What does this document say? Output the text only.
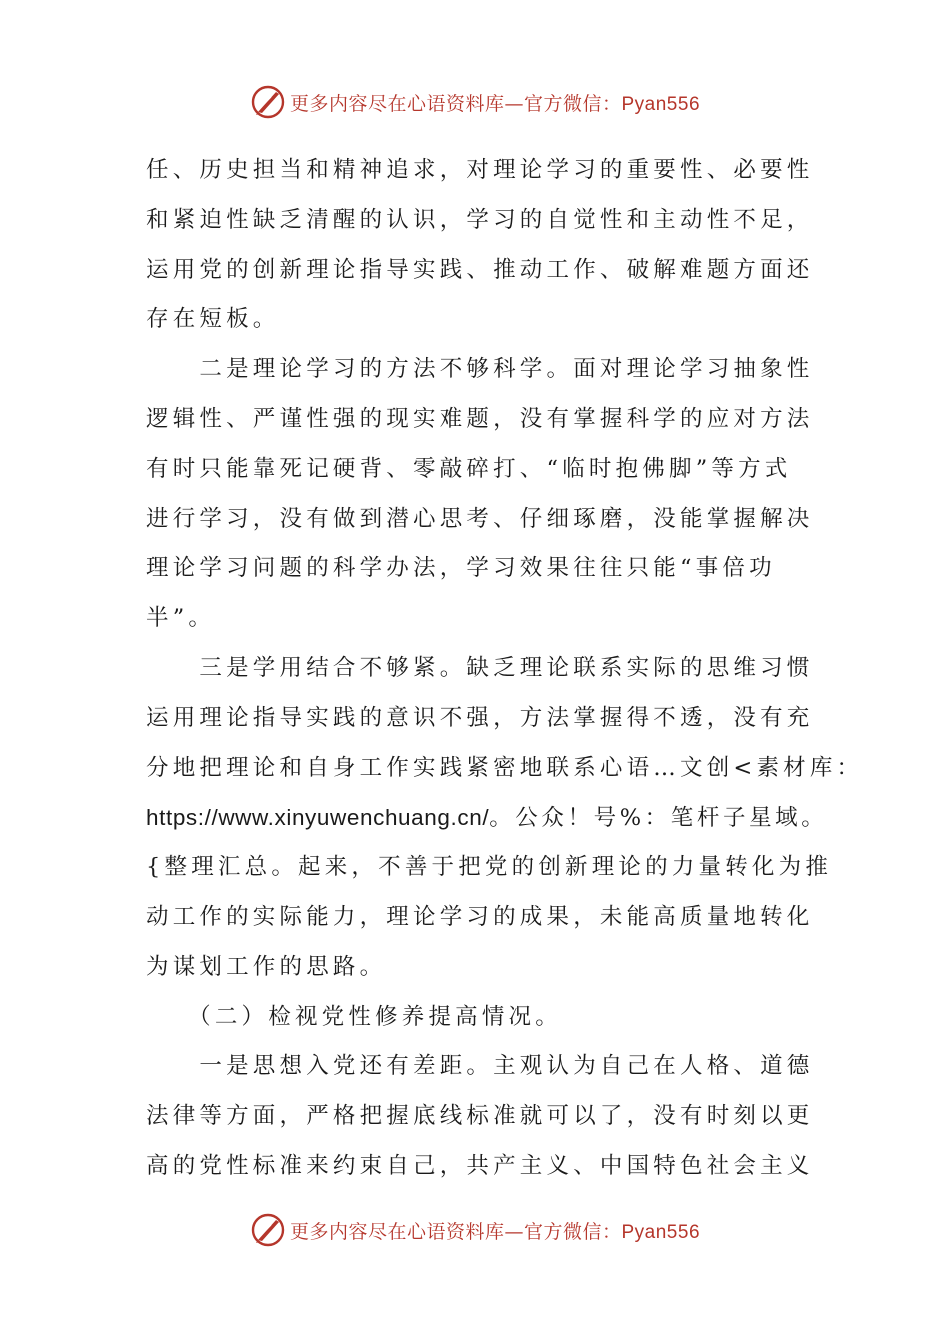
更多内容尽在心语资料库—官方微信：Pyan556
任、历史担当和精神追求，对理论学习的重要性、必要性
和紧迫性缺乏清醒的认识，学习的自觉性和主动性不足，
运用党的创新理论指导实践、推动工作、破解难题方面还
存在短板。
　　二是理论学习的方法不够科学。面对理论学习抽象性
逻辑性、严谨性强的现实难题，没有掌握科学的应对方法
有时只能靠死记硬背、零敲碎打、“临时抱佛脚”等方式
进行学习，没有做到潜心思考、仔细琢磨，没能掌握解决
理论学习问题的科学办法，学习效果往往只能“事倍功
半”。
　　三是学用结合不够紧。缺乏理论联系实际的思维习惯
运用理论指导实践的意识不强，方法掌握得不透，没有充
分地把理论和自身工作实践紧密地联系心语…文创<素材库：
https://www.xinyuwenchuang.cn/。公众！号%：笔杆子星域。
{整理汇总。起来，不善于把党的创新理论的力量转化为推
动工作的实际能力，理论学习的成果，未能高质量地转化
为谋划工作的思路。
　　（二）检视党性修养提高情况。
　　一是思想入党还有差距。主观认为自己在人格、道德
法律等方面，严格把握底线标准就可以了，没有时刻以更
高的党性标准来约束自己，共产主义、中国特色社会主义
更多内容尽在心语资料库—官方微信：Pyan556
